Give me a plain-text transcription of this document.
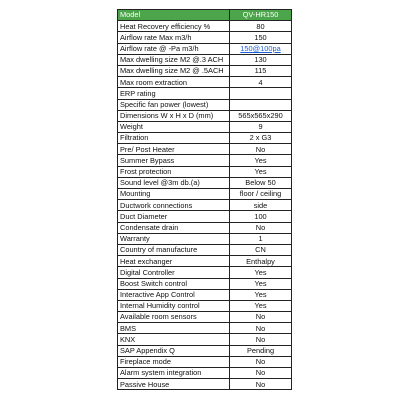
Model	QV-HR150
Heat Recovery efficiency %	80
Airflow rate Max m3/h	150
Airflow rate @ -Pa m3/h	150@100pa
Max dwelling size M2 @.3 ACH	130
Max dwelling size M2 @ .5ACH	115
Max room extraction	4
ERP rating	
Specific fan power (lowest)	
Dimensions W x H x D (mm)	565x565x290
Weight	9
Filtration	2 x G3
Pre/ Post Heater	No
Summer Bypass	Yes
Frost protection	Yes
Sound level @3m db.(a)	Below 50
Mounting	floor / ceiling
Ductwork connections	side
Duct Diameter	100
Condensate drain	No
Warranty	1
Country of manufacture	CN
Heat exchanger	Enthalpy
Digital Controller	Yes
Boost Switch control	Yes
Interactive App Control	Yes
Internal Humidity control	Yes
Available room sensors	No
BMS	No
KNX	No
SAP Appendix Q	Pending
Fireplace mode	No
Alarm system integration	No
Passive House	No
